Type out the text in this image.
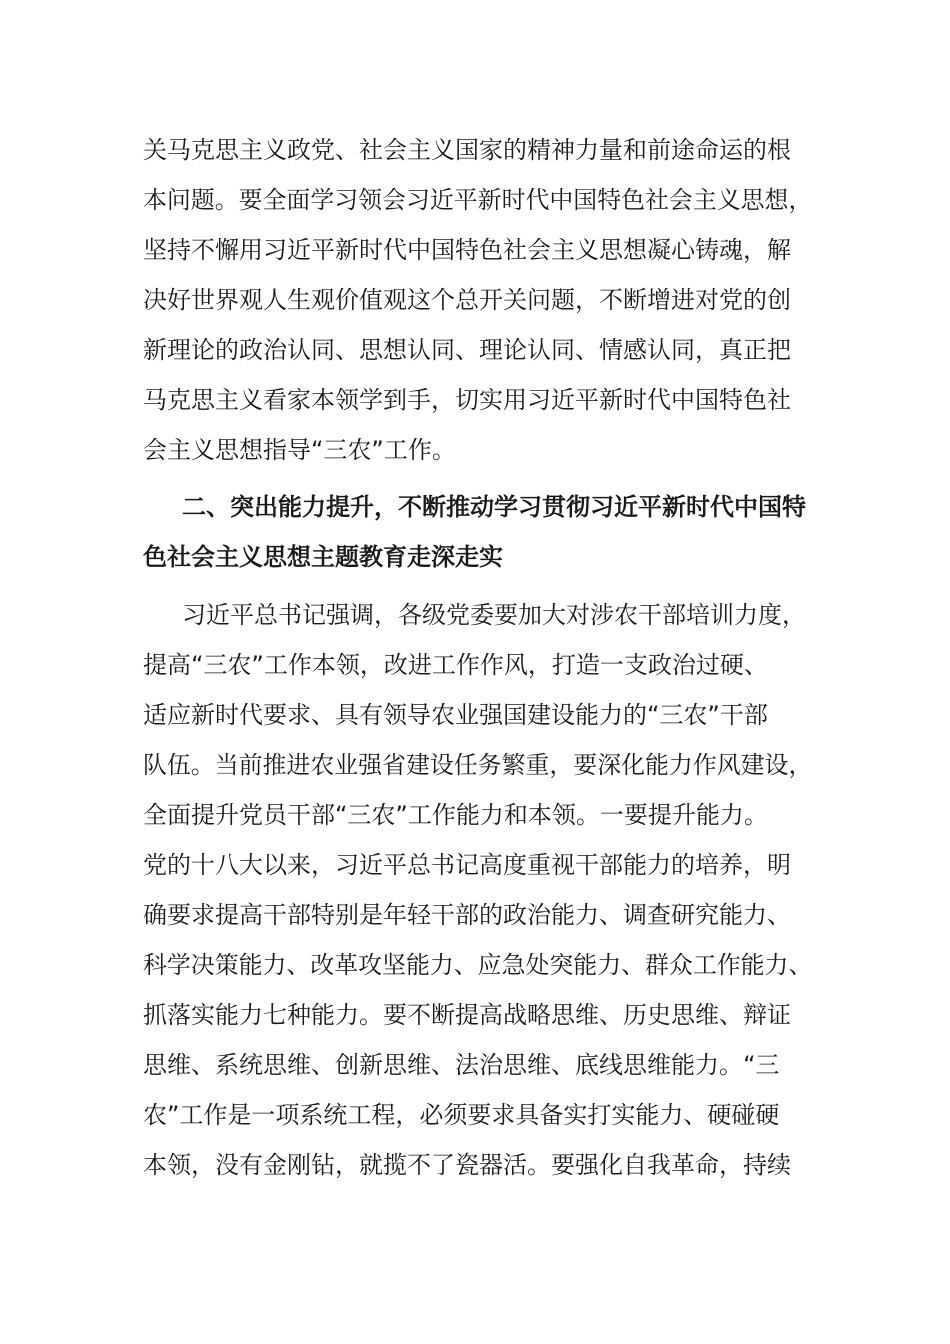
关马克思主义政党、社会主义国家的精神力量和前途命运的根
本问题。要全面学习领会习近平新时代中国特色社会主义思想，
坚持不懈用习近平新时代中国特色社会主义思想凝心铸魂，解
决好世界观人生观价值观这个总开关问题，不断增进对党的创
新理论的政治认同、思想认同、理论认同、情感认同，真正把
马克思主义看家本领学到手，切实用习近平新时代中国特色社
会主义思想指导“三农”工作。
二、突出能力提升，不断推动学习贯彻习近平新时代中国特
色社会主义思想主题教育走深走实
习近平总书记强调，各级党委要加大对涉农干部培训力度，
提高“三农”工作本领，改进工作作风，打造一支政治过硬、
适应新时代要求、具有领导农业强国建设能力的“三农”干部
队伍。当前推进农业强省建设任务繁重，要深化能力作风建设，
全面提升党员干部“三农”工作能力和本领。一要提升能力。
党的十八大以来，习近平总书记高度重视干部能力的培养，明
确要求提高干部特别是年轻干部的政治能力、调查研究能力、
科学决策能力、改革攻坚能力、应急处突能力、群众工作能力、
抓落实能力七种能力。要不断提高战略思维、历史思维、辩证
思维、系统思维、创新思维、法治思维、底线思维能力。“三
农”工作是一项系统工程，必须要求具备实打实能力、硬碰硬
本领，没有金刚钻，就揽不了瓷器活。要强化自我革命，持续
